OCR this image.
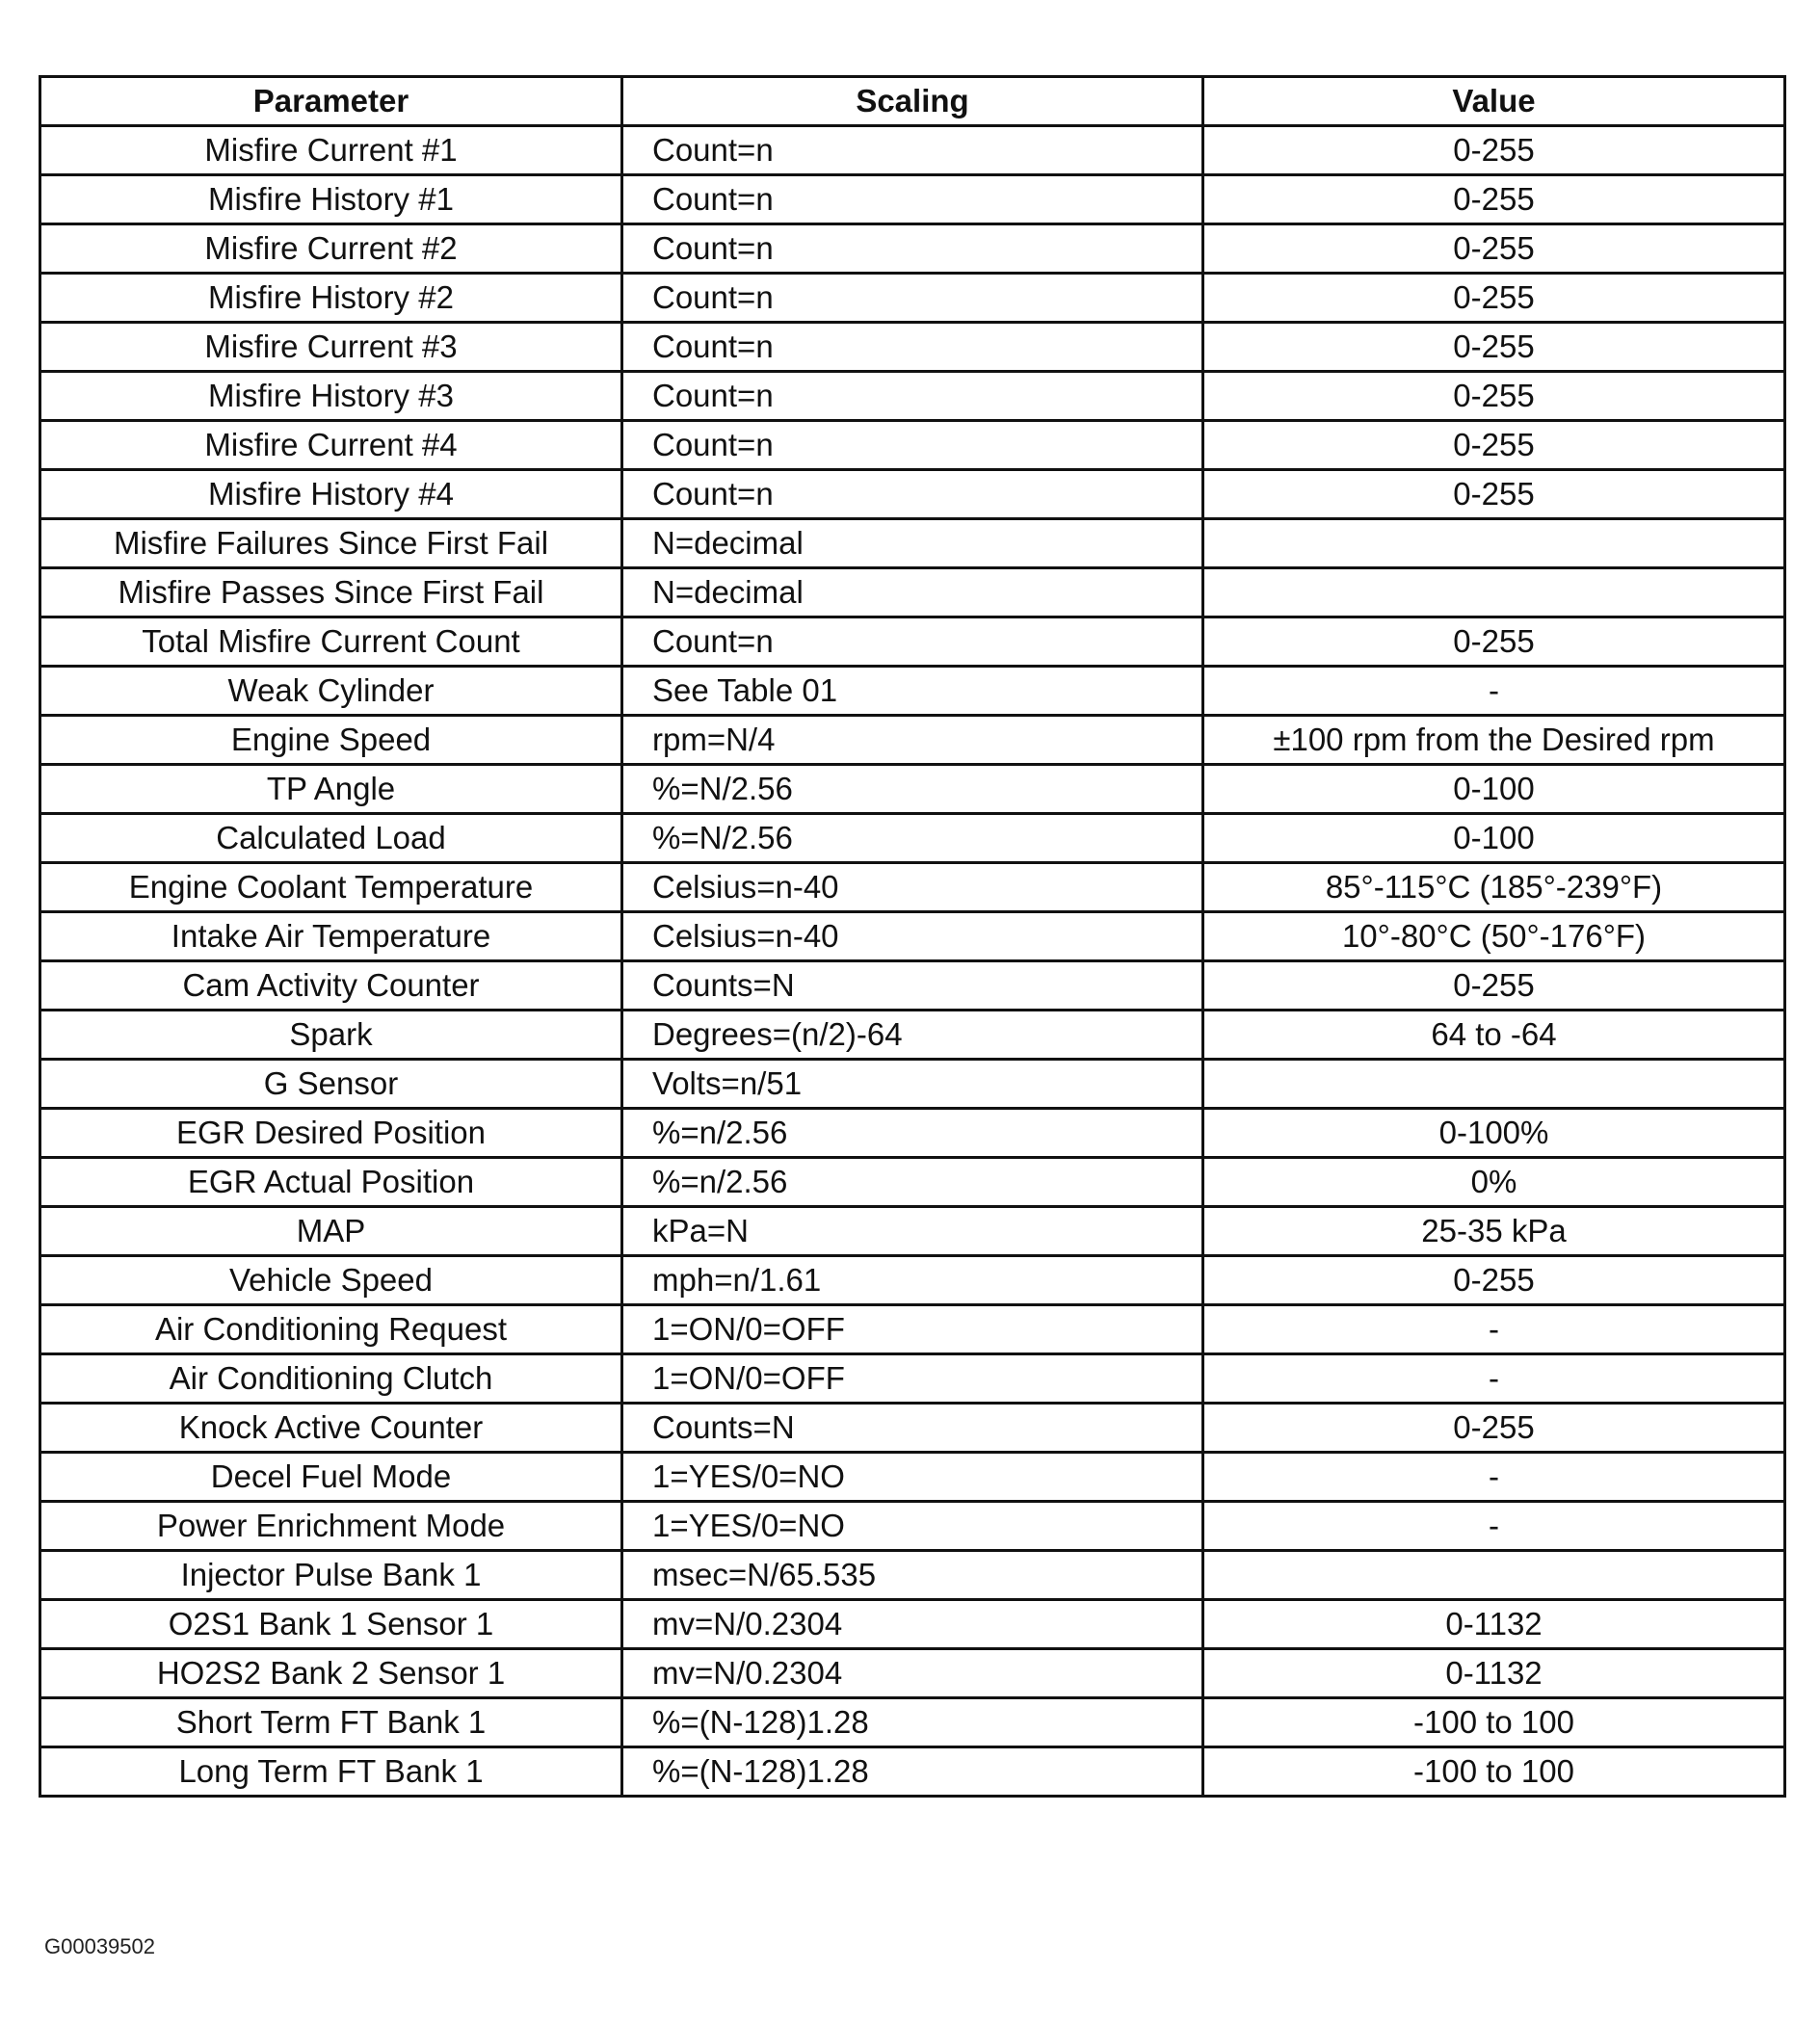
Parameter	Scaling	Value
Misfire Current #1	Count=n	0-255
Misfire History #1	Count=n	0-255
Misfire Current #2	Count=n	0-255
Misfire History #2	Count=n	0-255
Misfire Current #3	Count=n	0-255
Misfire History #3	Count=n	0-255
Misfire Current #4	Count=n	0-255
Misfire History #4	Count=n	0-255
Misfire Failures Since First Fail	N=decimal	
Misfire Passes Since First Fail	N=decimal	
Total Misfire Current Count	Count=n	0-255
Weak Cylinder	See Table 01	-
Engine Speed	rpm=N/4	±100 rpm from the Desired rpm
TP Angle	%=N/2.56	0-100
Calculated Load	%=N/2.56	0-100
Engine Coolant Temperature	Celsius=n-40	85°-115°C (185°-239°F)
Intake Air Temperature	Celsius=n-40	10°-80°C (50°-176°F)
Cam Activity Counter	Counts=N	0-255
Spark	Degrees=(n/2)-64	64 to -64
G Sensor	Volts=n/51	
EGR Desired Position	%=n/2.56	0-100%
EGR Actual Position	%=n/2.56	0%
MAP	kPa=N	25-35 kPa
Vehicle Speed	mph=n/1.61	0-255
Air Conditioning Request	1=ON/0=OFF	-
Air Conditioning Clutch	1=ON/0=OFF	-
Knock Active Counter	Counts=N	0-255
Decel Fuel Mode	1=YES/0=NO	-
Power Enrichment Mode	1=YES/0=NO	-
Injector Pulse Bank 1	msec=N/65.535	
O2S1 Bank 1 Sensor 1	mv=N/0.2304	0-1132
HO2S2 Bank 2 Sensor 1	mv=N/0.2304	0-1132
Short Term FT Bank 1	%=(N-128)1.28	-100 to 100
Long Term FT Bank 1	%=(N-128)1.28	-100 to 100
G00039502
